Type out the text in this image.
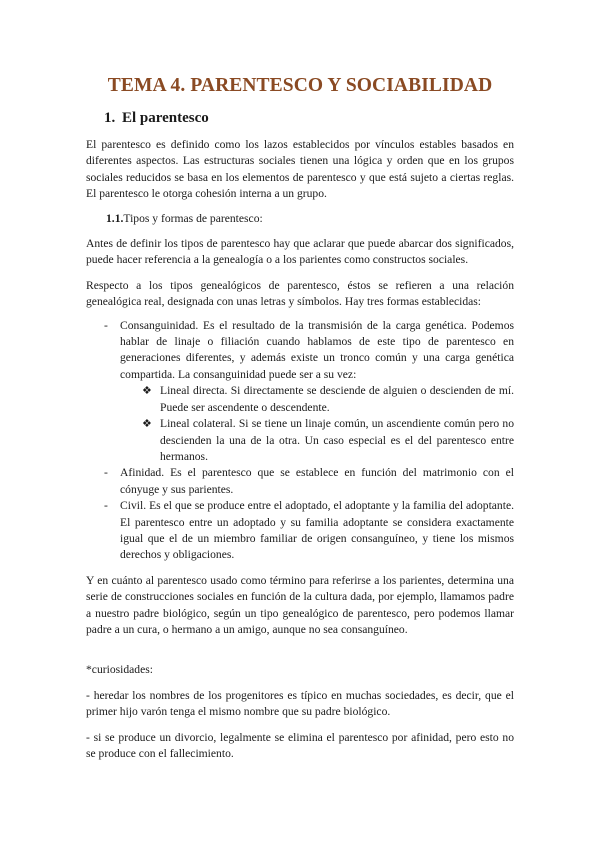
TEMA 4. PARENTESCO Y SOCIABILIDAD
1. El parentesco

El parentesco es definido como los lazos establecidos por vínculos estables basados en diferentes aspectos. Las estructuras sociales tienen una lógica y orden que en los grupos sociales reducidos se basa en los elementos de parentesco y que está sujeto a ciertas reglas. El parentesco le otorga cohesión interna a un grupo.

1.1.Tipos y formas de parentesco:

Antes de definir los tipos de parentesco hay que aclarar que puede abarcar dos significados, puede hacer referencia a la genealogía o a los parientes como constructos sociales.

Respecto a los tipos genealógicos de parentesco, éstos se refieren a una relación genealógica real, designada con unas letras y símbolos. Hay tres formas establecidas:

- Consanguinidad. Es el resultado de la transmisión de la carga genética. Podemos hablar de linaje o filiación cuando hablamos de este tipo de parentesco en generaciones diferentes, y además existe un tronco común y una carga genética compartida. La consanguinidad puede ser a su vez:
❖ Lineal directa. Si directamente se desciende de alguien o descienden de mí. Puede ser ascendente o descendente.
❖ Lineal colateral. Si se tiene un linaje común, un ascendiente común pero no descienden la una de la otra. Un caso especial es el del parentesco entre hermanos.
- Afinidad. Es el parentesco que se establece en función del matrimonio con el cónyuge y sus parientes.
- Civil. Es el que se produce entre el adoptado, el adoptante y la familia del adoptante. El parentesco entre un adoptado y su familia adoptante se considera exactamente igual que el de un miembro familiar de origen consanguíneo, y tiene los mismos derechos y obligaciones.

Y en cuánto al parentesco usado como término para referirse a los parientes, determina una serie de construcciones sociales en función de la cultura dada, por ejemplo, llamamos padre a nuestro padre biológico, según un tipo genealógico de parentesco, pero podemos llamar padre a un cura, o hermano a un amigo, aunque no sea consanguíneo.

*curiosidades:

- heredar los nombres de los progenitores es típico en muchas sociedades, es decir, que el primer hijo varón tenga el mismo nombre que su padre biológico.

- si se produce un divorcio, legalmente se elimina el parentesco por afinidad, pero esto no se produce con el fallecimiento.
